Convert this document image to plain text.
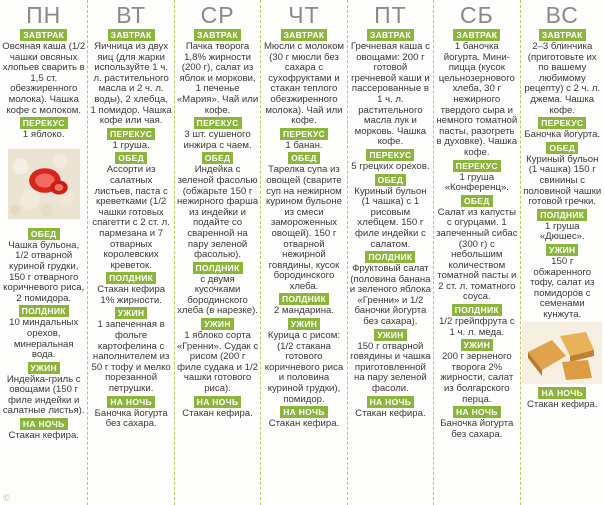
ПН
ЗАВТРАК
Овсяная каша (1/2 чашки овсяных хлопьев сварить в 1,5 ст. обезжиренного молока). Чашка кофе с молоком.
ПЕРЕКУС
1 яблоко.
ОБЕД
Чашка бульона, 1/2 отварной куриной грудки, 150 г отварного коричневого риса, 2 помидора.
ПОЛДНИК
10 миндальных орехов, минеральная вода.
УЖИН
Индейка-гриль с овощами (150 г филе индейки и салатные листья).
НА НОЧЬ
Стакан кефира.
©
ВТ
ЗАВТРАК
Яичница из двух яиц (для жарки используйте 1 ч. л. растительного масла и 2 ч. л. воды), 2 хлебца, 1 помидор. Чашка кофе или чая.
ПЕРЕКУС
1 груша.
ОБЕД
Ассорти из салатных листьев, паста с креветками (1/2 чашки готовых спагетти с 2 ст. л. пармезана и 7 отварных королевских креветок.
ПОЛДНИК
Стакан кефира 1% жирности.
УЖИН
1 запеченная в фольге картофелина с наполнителем из 50 г тофу и мелко порезанной петрушки.
НА НОЧЬ
Баночка йогурта без сахара.
СР
ЗАВТРАК
Пачка творога 1,8% жирности (200 г), салат из яблок и моркови, 1 печенье «Мария». Чай или кофе.
ПЕРЕКУС
3 шт. сушеного инжира с чаем.
ОБЕД
Индейка с зеленой фасолью (обжарьте 150 г нежирного фарша из индейки и подайте со сваренной на пару зеленой фасолью).
ПОЛДНИК
с двумя кусочками бородинского хлеба (в нарезке).
УЖИН
1 яблоко сорта «Гренни». Судак с рисом (200 г филе судака и 1/2 чашки готового риса).
НА НОЧЬ
Стакан кефира.
ЧТ
ЗАВТРАК
Мюсли с молоком (30 г мюсли без сахара с сухофруктами и стакан теплого обезжиренного молока). Чай или кофе.
ПЕРЕКУС
1 банан.
ОБЕД
Тарелка супа из овощей (сварите суп на нежирном курином бульоне из смеси замороженных овощей). 150 г отварной нежирной говядины, кусок бородинского хлеба.
ПОЛДНИК
2 мандарина.
УЖИН
Курица с рисом: (1/2 стакана готового коричневого риса и половина куриной грудки), помидор.
НА НОЧЬ
Стакан кефира.
ПТ
ЗАВТРАК
Гречневая каша с овощами: 200 г готовой гречневой каши и пассерованные в 1 ч. л. растительного масла лук и морковь. Чашка кофе.
ПЕРЕКУС
5 грецких орехов.
ОБЕД
Куриный бульон (1 чашка) с 1 рисовым хлебцем. 150 г филе индейки с салатом.
ПОЛДНИК
Фруктовый салат (половина банана и зеленого яблока «Гренни» и 1/2 баночки йогурта без сахара).
УЖИН
150 г отварной говядины и чашка приготовленной на пару зеленой фасоли.
НА НОЧЬ
Стакан кефира.
СБ
ЗАВТРАК
1 баночка йогурта. Мини-пицца (кусок цельнозернового хлеба, 30 г нежирного твердого сыра и немного томатной пасты, разогреть в духовке). Чашка кофе.
ПЕРЕКУС
1 груша «Конференц».
ОБЕД
Салат из капусты с огурцами. 1 запеченный сибас (300 г) с небольшим количеством томатной пасты и 2 ст. л. томатного соуса.
ПОЛДНИК
1/2 грейпфрута с 1 ч. л. меда.
УЖИН
200 г зерненого творога 2% жирности, салат из болгарского перца.
НА НОЧЬ
Баночка йогурта без сахара.
ВС
ЗАВТРАК
2–3 блинчика (приготовьте их по вашему любимому рецепту) с 2 ч. л. джема. Чашка кофе.
ПЕРЕКУС
Баночка йогурта.
ОБЕД
Куриный бульон (1 чашка) 150 г свинины с половиной чашки готовой гречки.
ПОЛДНИК
1 груша «Дюшес».
УЖИН
150 г обжаренного тофу, салат из помидоров с семенами кунжута.
НА НОЧЬ
Стакан кефира.
